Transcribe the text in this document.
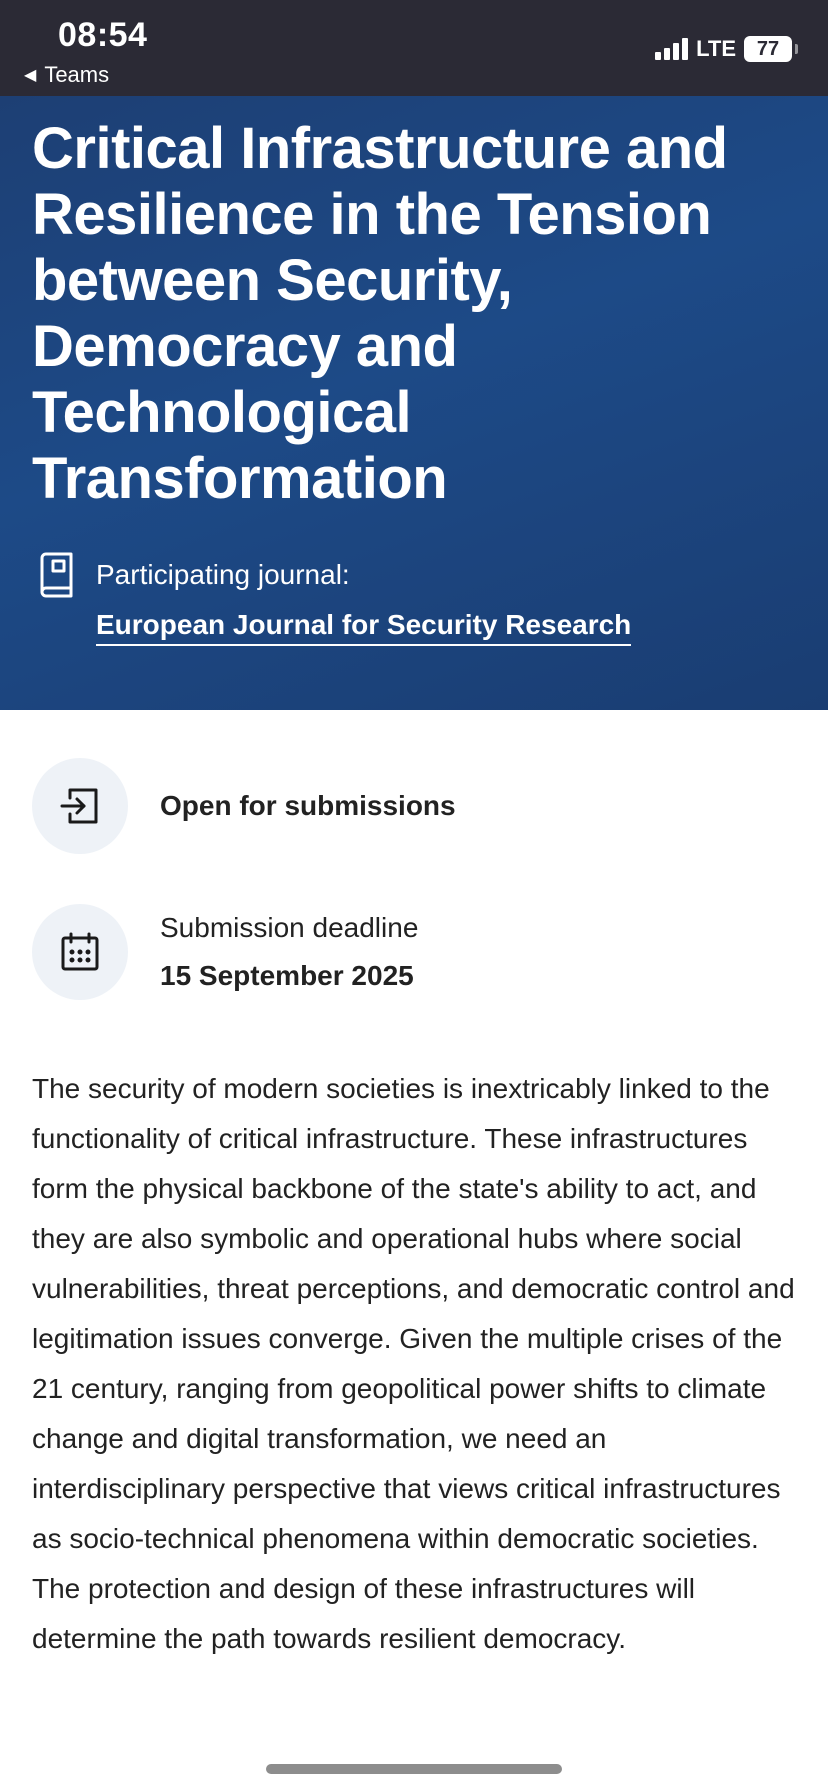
08:54
◀ Teams
LTE 77
Critical Infrastructure and Resilience in the Tension between Security, Democracy and Technological Transformation
Participating journal:
European Journal for Security Research
Open for submissions
Submission deadline
15 September 2025

The security of modern societies is inextricably linked to the functionality of critical infrastructure. These infrastructures form the physical backbone of the state's ability to act, and they are also symbolic and operational hubs where social vulnerabilities, threat perceptions, and democratic control and legitimation issues converge. Given the multiple crises of the 21 century, ranging from geopolitical power shifts to climate change and digital transformation, we need an interdisciplinary perspective that views critical infrastructures as socio-technical phenomena within democratic societies. The protection and design of these infrastructures will determine the path towards resilient democracy.
